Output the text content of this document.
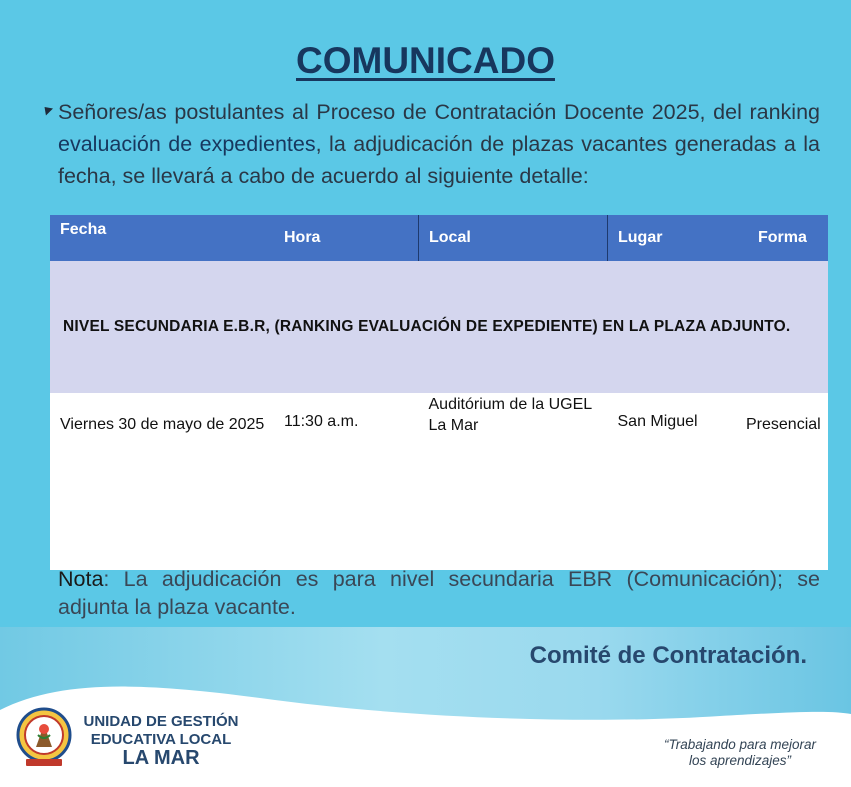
COMUNICADO
Señores/as postulantes al Proceso de Contratación Docente 2025, del ranking evaluación de expedientes, la adjudicación de plazas vacantes generadas a la fecha, se llevará a cabo de acuerdo al siguiente detalle:
Fecha	Hora	Local	Lugar	Forma
NIVEL SECUNDARIA E.B.R, (RANKING EVALUACIÓN DE EXPEDIENTE) EN LA PLAZA ADJUNTO.				
Viernes 30 de mayo de 2025	11:30 a.m.	Auditórium de la UGEL La Mar	San Miguel	Presencial
Nota: La adjudicación es para nivel secundaria EBR (Comunicación); se adjunta la plaza vacante.
Comité de Contratación.
UNIDAD DE GESTIÓN
EDUCATIVA LOCAL
LA MAR
“Trabajando para mejorar
los aprendizajes”
